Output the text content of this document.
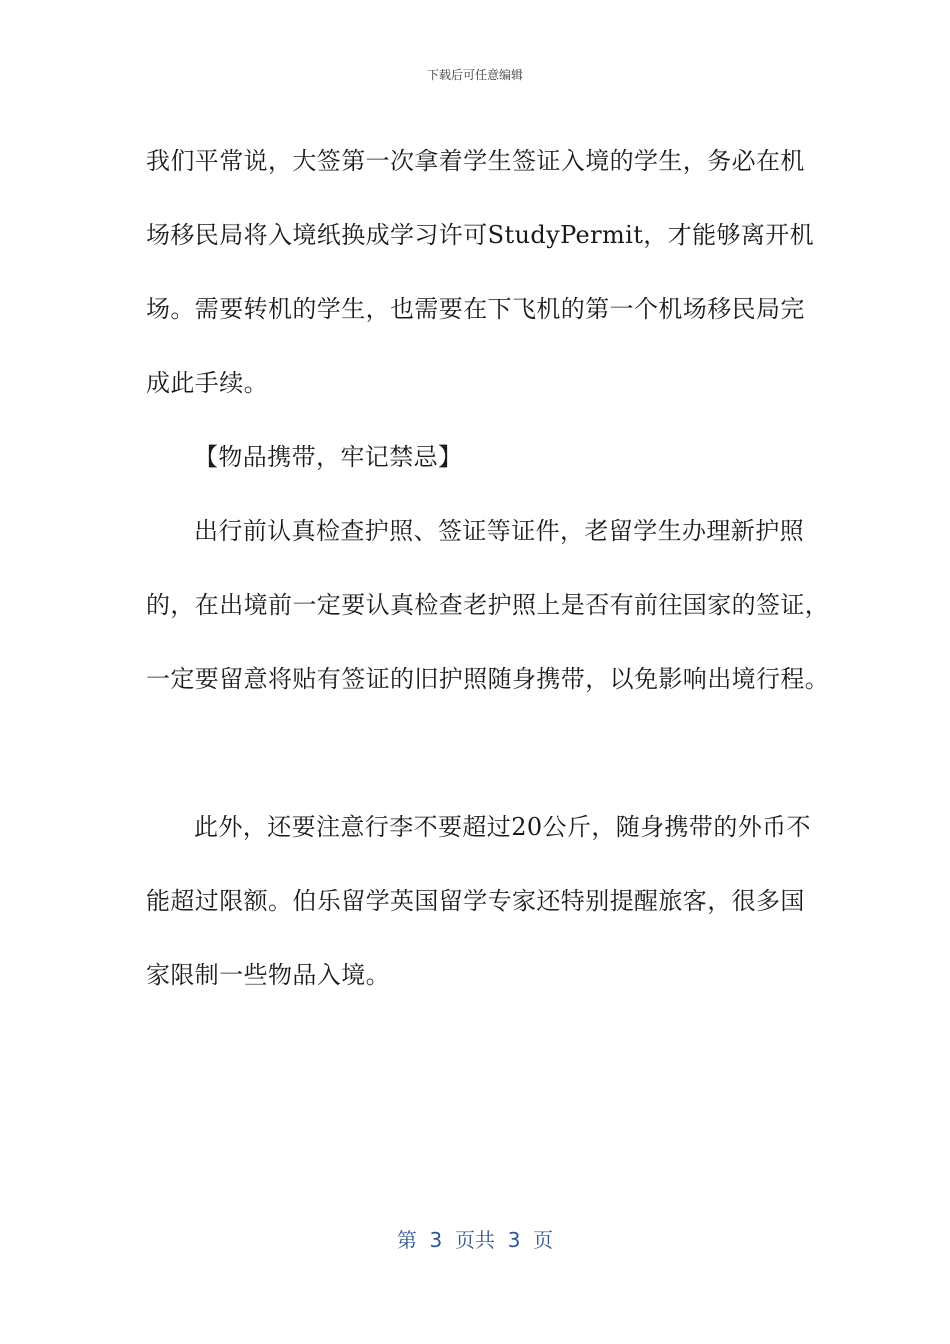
下载后可任意编辑
我们平常说，大签第一次拿着学生签证入境的学生，务必在机
场移民局将入境纸换成学习许可StudyPermit，才能够离开机
场。需要转机的学生，也需要在下飞机的第一个机场移民局完
成此手续。
【物品携带，牢记禁忌】
出行前认真检查护照、签证等证件，老留学生办理新护照
的，在出境前一定要认真检查老护照上是否有前往国家的签证，
一定要留意将贴有签证的旧护照随身携带，以免影响出境行程。
此外，还要注意行李不要超过20公斤，随身携带的外币不
能超过限额。伯乐留学英国留学专家还特别提醒旅客，很多国
家限制一些物品入境。
第  3  页共  3  页
